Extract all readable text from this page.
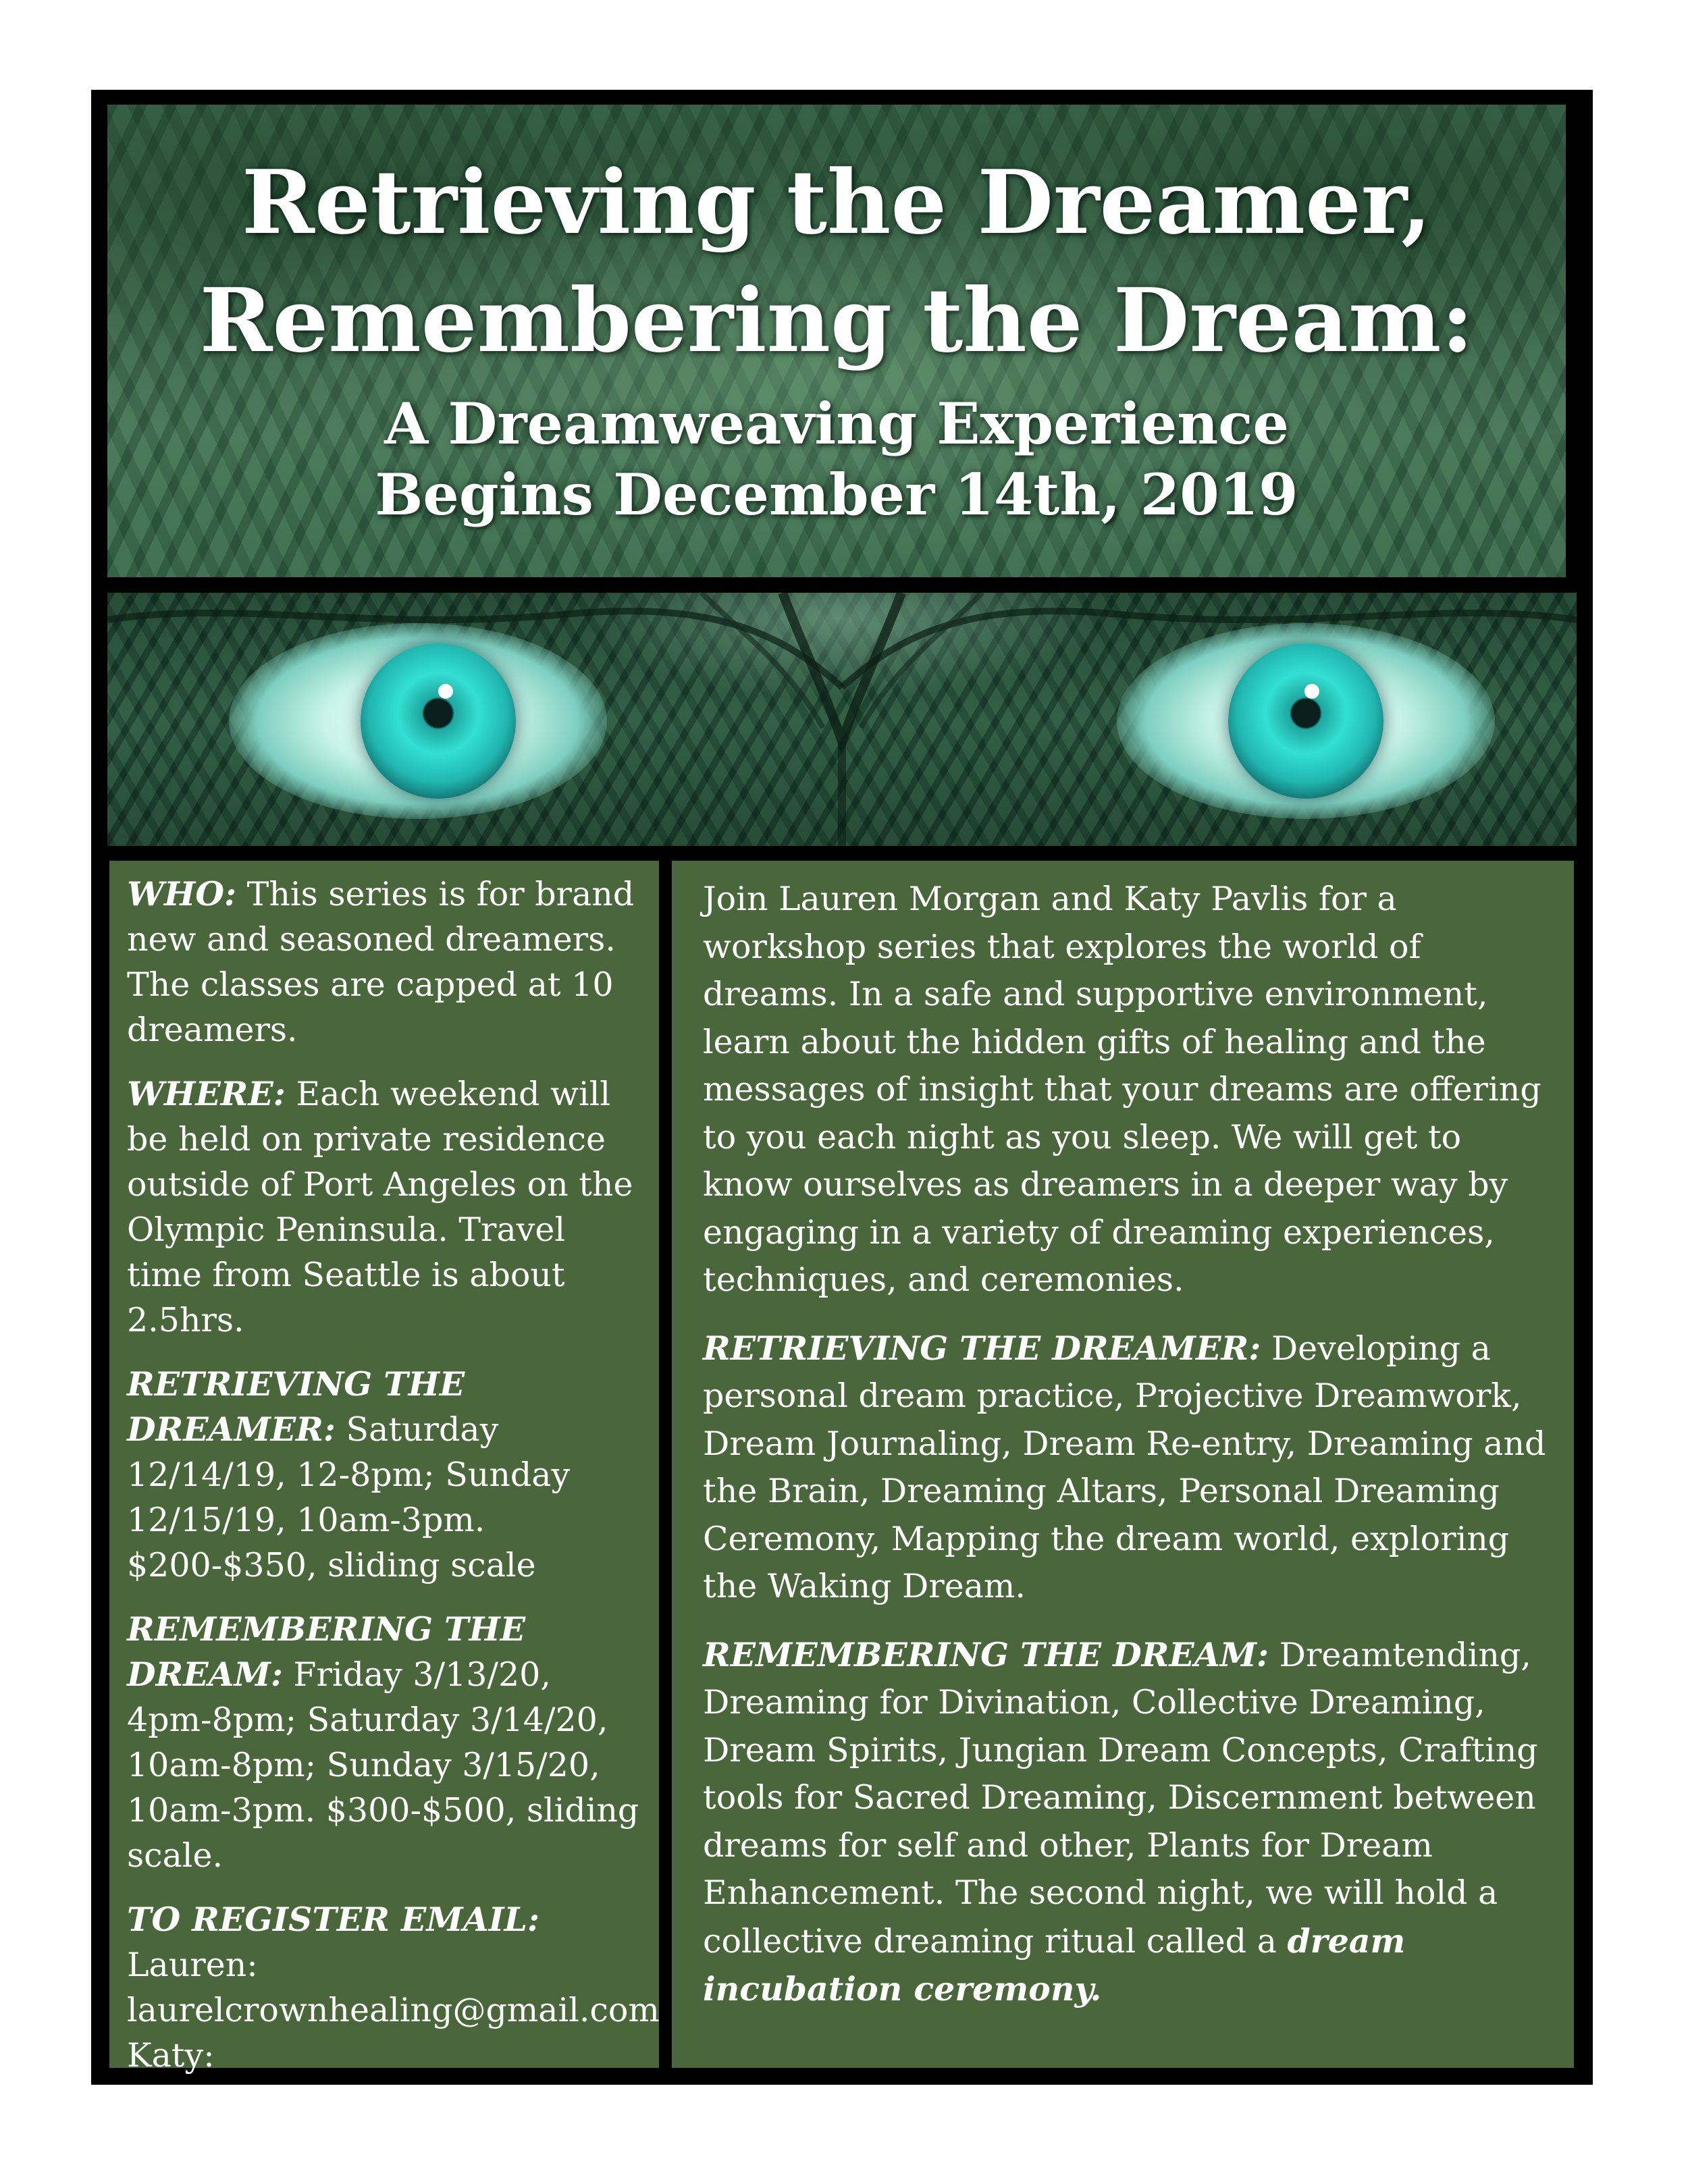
Retrieving the Dreamer,
Remembering the Dream:
A Dreamweaving Experience
Begins December 14th, 2019

WHO: This series is for brand new and seasoned dreamers. The classes are capped at 10 dreamers.

WHERE: Each weekend will be held on private residence outside of Port Angeles on the Olympic Peninsula. Travel time from Seattle is about 2.5hrs.

RETRIEVING THE DREAMER: Saturday 12/14/19, 12-8pm; Sunday 12/15/19, 10am-3pm. $200-$350, sliding scale

REMEMBERING THE DREAM: Friday 3/13/20, 4pm-8pm; Saturday 3/14/20, 10am-8pm; Sunday 3/15/20, 10am-3pm. $300-$500, sliding scale.

TO REGISTER EMAIL:
Lauren:
laurelcrownhealing@gmail.com
Katy:
katy@wordsbetweenworlds.com

Join Lauren Morgan and Katy Pavlis for a workshop series that explores the world of dreams. In a safe and supportive environment, learn about the hidden gifts of healing and the messages of insight that your dreams are offering to you each night as you sleep. We will get to know ourselves as dreamers in a deeper way by engaging in a variety of dreaming experiences, techniques, and ceremonies.

RETRIEVING THE DREAMER: Developing a personal dream practice, Projective Dreamwork, Dream Journaling, Dream Re-entry, Dreaming and the Brain, Dreaming Altars, Personal Dreaming Ceremony, Mapping the dream world, exploring the Waking Dream.

REMEMBERING THE DREAM: Dreamtending, Dreaming for Divination, Collective Dreaming, Dream Spirits, Jungian Dream Concepts, Crafting tools for Sacred Dreaming, Discernment between dreams for self and other, Plants for Dream Enhancement. The second night, we will hold a collective dreaming ritual called a dream incubation ceremony.
